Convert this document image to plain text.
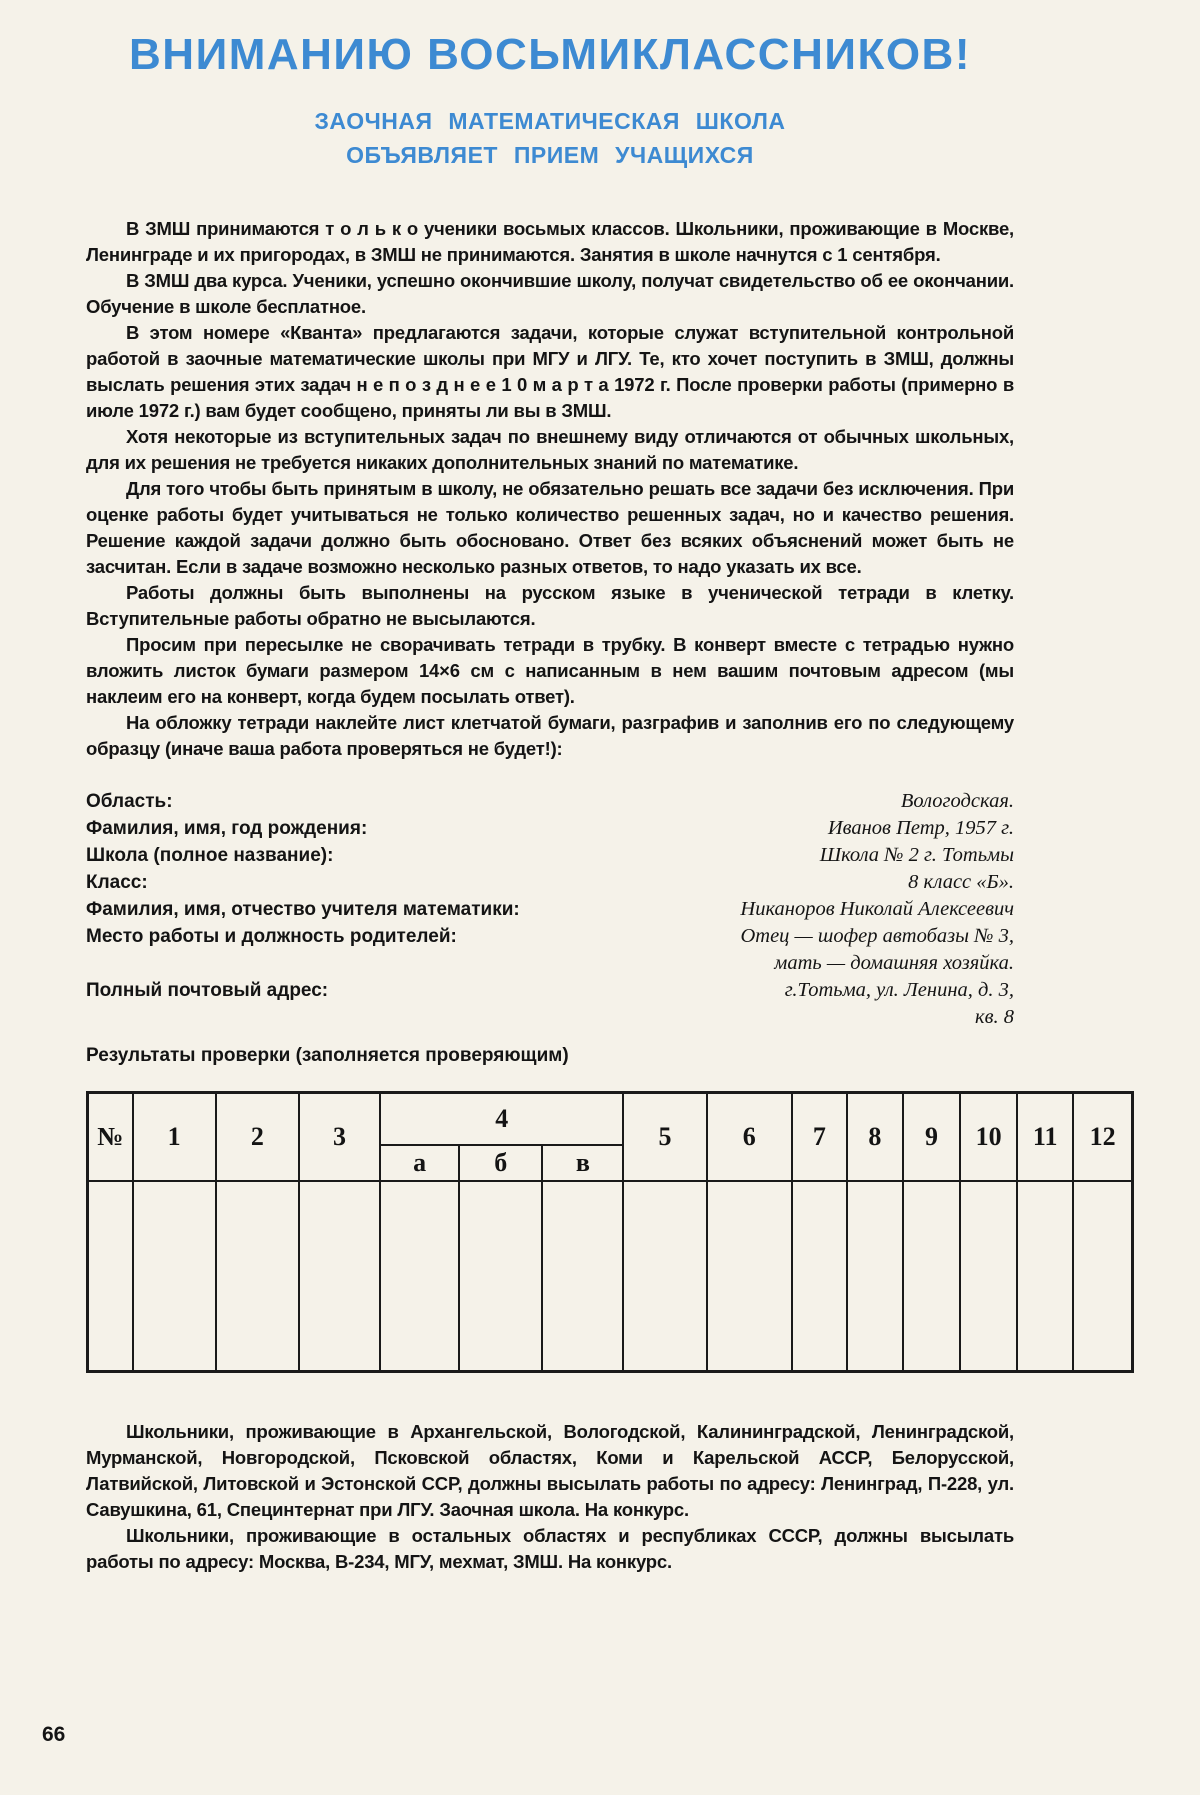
ВНИМАНИЮ ВОСЬМИКЛАССНИКОВ!
ЗАОЧНАЯ МАТЕМАТИЧЕСКАЯ ШКОЛА
ОБЪЯВЛЯЕТ ПРИЕМ УЧАЩИХСЯ

В ЗМШ принимаются т о л ь к о ученики восьмых классов. Школьники, проживающие в Москве, Ленинграде и их пригородах, в ЗМШ не принимаются. Занятия в школе начнутся с 1 сентября.

В ЗМШ два курса. Ученики, успешно окончившие школу, получат свидетельство об ее окончании. Обучение в школе бесплатное.

В этом номере «Кванта» предлагаются задачи, которые служат вступительной контрольной работой в заочные математические школы при МГУ и ЛГУ. Те, кто хочет поступить в ЗМШ, должны выслать решения этих задач н е п о з д н е е 1 0 м а р т а 1972 г. После проверки работы (примерно в июле 1972 г.) вам будет сообщено, приняты ли вы в ЗМШ.

Хотя некоторые из вступительных задач по внешнему виду отличаются от обычных школьных, для их решения не требуется никаких дополнительных знаний по математике.

Для того чтобы быть принятым в школу, не обязательно решать все задачи без исключения. При оценке работы будет учитываться не только количество решенных задач, но и качество решения. Решение каждой задачи должно быть обосновано. Ответ без всяких объяснений может быть не засчитан. Если в задаче возможно несколько разных ответов, то надо указать их все.

Работы должны быть выполнены на русском языке в ученической тетради в клетку. Вступительные работы обратно не высылаются.

Просим при пересылке не сворачивать тетради в трубку. В конверт вместе с тетрадью нужно вложить листок бумаги размером 14×6 см с написанным в нем вашим почтовым адресом (мы наклеим его на конверт, когда будем посылать ответ).

На обложку тетради наклейте лист клетчатой бумаги, разграфив и заполнив его по следующему образцу (иначе ваша работа проверяться не будет!):

Область:	Вологодская.
Фамилия, имя, год рождения:	Иванов Петр, 1957 г.
Школа (полное название):	Школа № 2 г. Тотьмы
Класс:	8 класс «Б».
Фамилия, имя, отчество учителя математики:	Никаноров Николай Алексеевич
Место работы и должность родителей:	Отец — шофер автобазы № 3,
мать — домашняя хозяйка.
Полный почтовый адрес:	г.Тотьма, ул. Ленина, д. 3,
кв. 8

Результаты проверки (заполняется проверяющим)

№	1	2	3	4			5	6	7	8	9	10	11	12
				а	б	в								

Школьники, проживающие в Архангельской, Вологодской, Калининградской, Ленинградской, Мурманской, Новгородской, Псковской областях, Коми и Карельской АССР, Белорусской, Латвийской, Литовской и Эстонской ССР, должны высылать работы по адресу: Ленинград, П-228, ул. Савушкина, 61, Специнтернат при ЛГУ. Заочная школа. На конкурс.

Школьники, проживающие в остальных областях и республиках СССР, должны высылать работы по адресу: Москва, В-234, МГУ, мехмат, ЗМШ. На конкурс.

66
